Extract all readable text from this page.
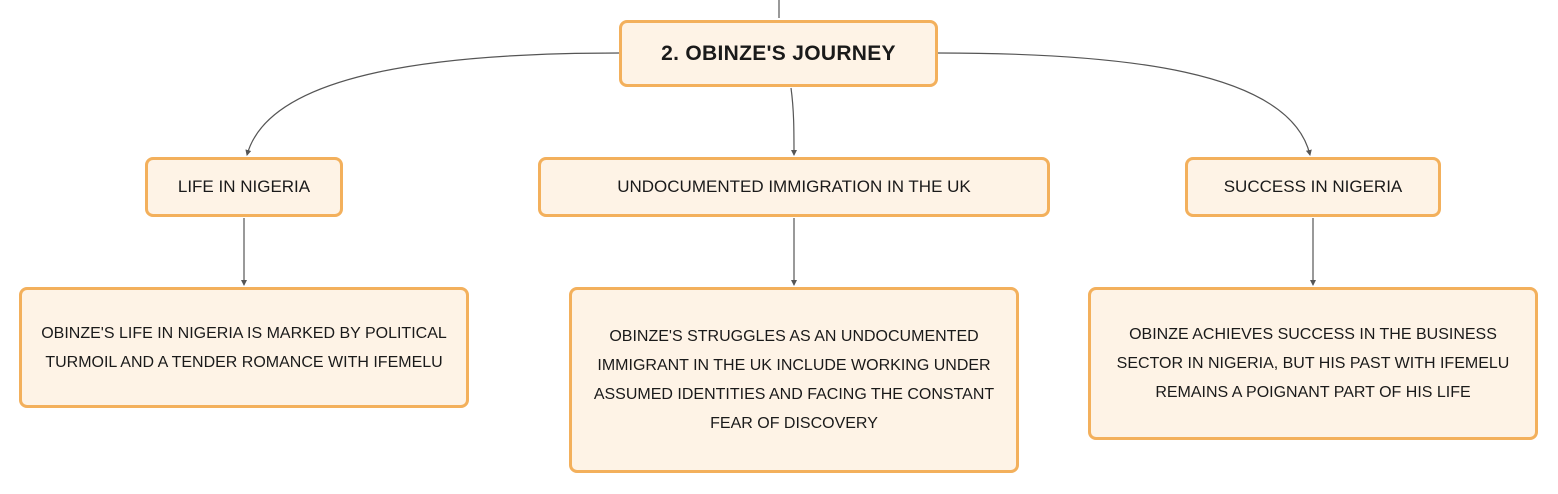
2. OBINZE'S JOURNEY
LIFE IN NIGERIA	UNDOCUMENTED IMMIGRATION IN THE UK	SUCCESS IN NIGERIA
OBINZE'S LIFE IN NIGERIA IS MARKED BY POLITICAL TURMOIL AND A TENDER ROMANCE WITH IFEMELU
OBINZE'S STRUGGLES AS AN UNDOCUMENTED IMMIGRANT IN THE UK INCLUDE WORKING UNDER ASSUMED IDENTITIES AND FACING THE CONSTANT FEAR OF DISCOVERY
OBINZE ACHIEVES SUCCESS IN THE BUSINESS SECTOR IN NIGERIA, BUT HIS PAST WITH IFEMELU REMAINS A POIGNANT PART OF HIS LIFE
